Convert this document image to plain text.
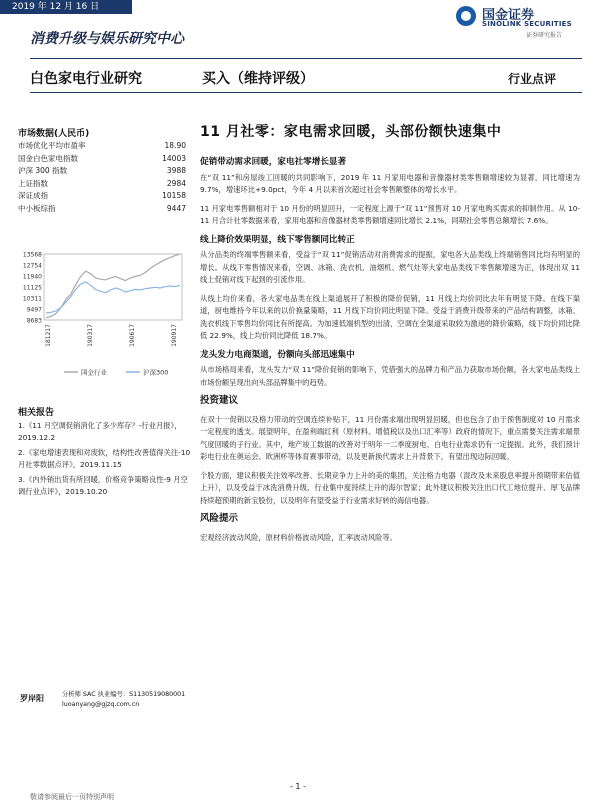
2019 年 12 月 16 日
国金证券
SINOLINK SECURITIES
证券研究报告
消费升级与娱乐研究中心
白色家电行业研究	买入（维持评级）	行业点评
市场数据(人民币)
市场优化平均市盈率	18.90
国金白色家电指数	14003
沪深 300 指数	3988
上证指数	2984
深证成指	10158
中小板综指	9447
13568
12754
11940
11125
10311
9497
8683
181217	190317	190617	190917
国金行业	沪深300
相关报告
1.《11 月空调促销消化了多少库存？-行业月报》，2019.12.2
2.《家电增速表现和对废软，结构性改善值得关注-10 月社零数据点评》，2019.11.15
3.《内外销出货有所回暖，价格竞争策略良性-9 月空调行业点评》，2019.10.20
罗岸阳	分析师 SAC 执业编号：S1130519080001
luoanyang@gjzq.com.cn
11 月社零：家电需求回暖，头部份额快速集中
促销带动需求回暖，家电社零增长显著

在“双 11”和房屋竣工回暖的共同影响下，2019 年 11 月家用电器和音像器材类零售额增速较为显著，同比增速为 9.7%，增速环比+9.0pct，今年 4 月以来首次超过社会零售额整体的增长水平。

11 月家电零售额相对于 10 月份的明显回升，一定程度上源于“双 11”预售对 10 月家电购买需求的抑制作用。从 10-11 月合计社零数据来看，家用电器和音像器材类零售额增速同比增长 2.1%，同期社会零售总额增长 7.6%。

线上降价效果明显，线下零售额同比转正

从分品类的终端零售额来看，受益于“双 11”促销活动对消费需求的提振，家电各大品类线上终端销售同比均有明显的增长。从线下零售情况来看，空调、冰箱、洗衣机、油烟机、燃气灶等大家电品类线下零售额增速为正，体现出双 11 线上促销对线下起到的引流作用。

从线上均价来看，各大家电品类在线上渠道展开了积极的降价促销，11 月线上均价同比去年有明显下降。在线下渠道，厨电维持今年以来的以价换量策略，11 月线下均价同比明显下降。受益于消费升级带来的产品结构调整，冰箱、洗衣机线下零售均价同比有所提高。为加速低端机型的出清，空调在全渠道采取较为激进的降价策略，线下均价同比降低 22.9%，线上均价同比降低 18.7%。

龙头发力电商渠道，份额向头部迅速集中

从市场格局来看，龙头发力“双 11”降价促销的影响下，凭借强大的品牌力和产品力获取市场份额，各大家电品类线上市场份额呈现出向头部品牌集中的趋势。

投资建议

在双十一促销以及格力带动的空调连续补贴下，11 月份需求端出现明显回暖，但也包含了由于预售制度对 10 月需求一定程度的透支。展望明年，在盈利端红利（原材料、增值税以及出口汇率等）政府的情况下，重点需要关注需求端景气度回暖的子行业。其中，地产竣工数据的改善对于明年一二季度厨电、白电行业需求仍有一定提振。此外，我们预计彩电行业在奥运会、欧洲杯等体育赛事带动，以及更新换代需求上升背景下，有望出现边际回暖。

个股方面，建议积极关注效率改善、长期竞争力上升的美的集团，关注格力电器（混改及未来股息率提升预期带来估值上升），以及受益于冰洗消费升级、行业集中度持续上升的海尔智家；此外建议积极关注出口代工地位提升、厚飞品牌持续超预期的新宝股份，以及明年有望受益于行业需求好转的海信电器。

风险提示

宏观经济波动风险，原材料价格波动风险，汇率波动风险等。

- 1 -
敬请参阅最后一页特别声明
